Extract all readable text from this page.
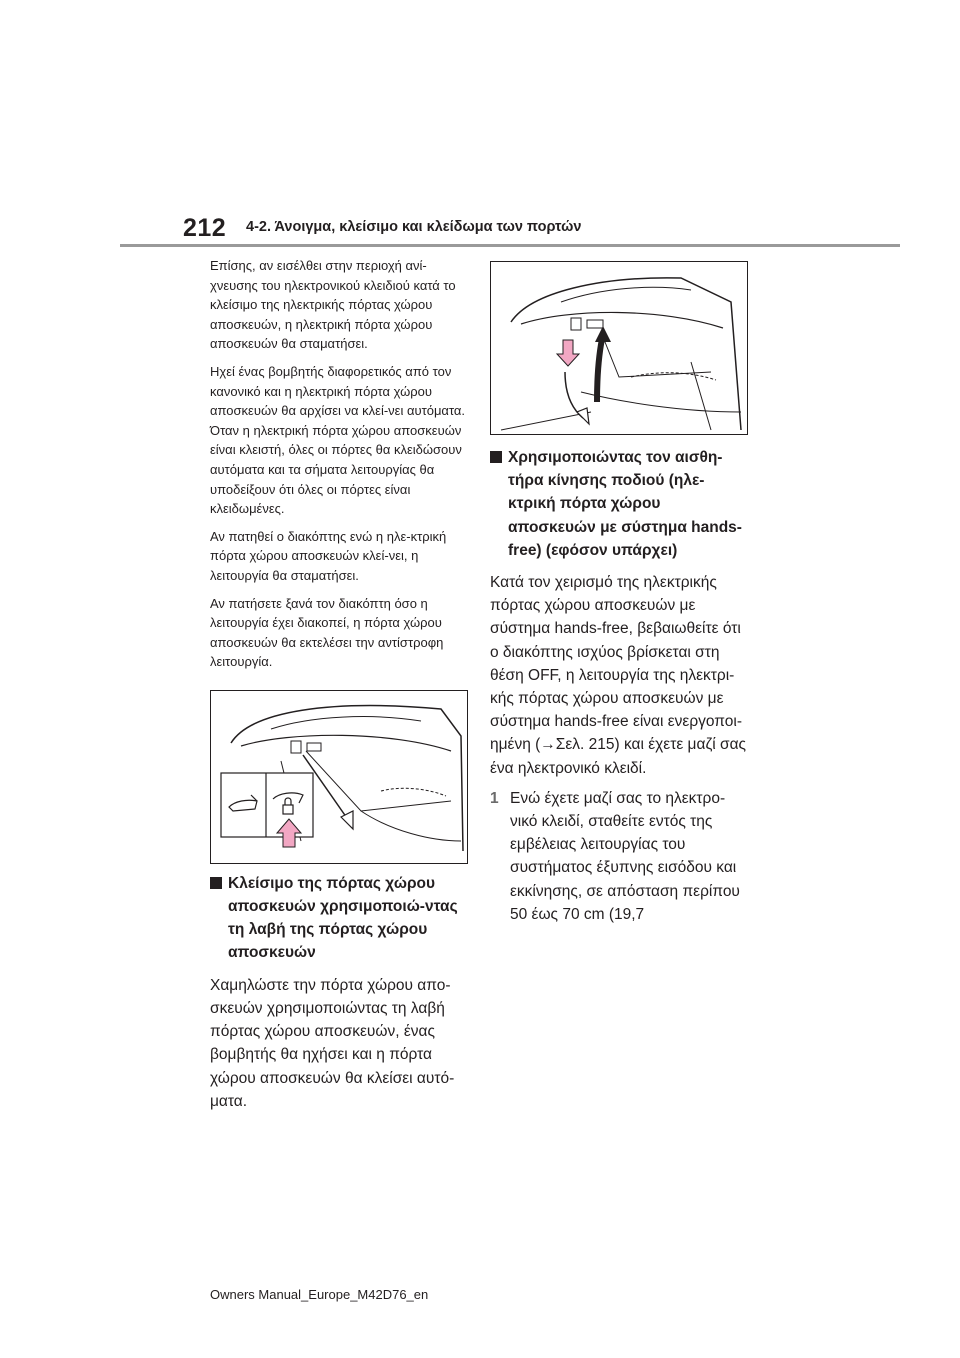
212 4-2. Άνοιγμα, κλείσιμο και κλείδωμα των πορτών

Επίσης, αν εισέλθει στην περιοχή ανί-χνευσης του ηλεκτρονικού κλειδιού κατά το κλείσιμο της ηλεκτρικής πόρτας χώρου αποσκευών, η ηλεκτρική πόρτα χώρου αποσκευών θα σταματήσει.

Ηχεί ένας βομβητής διαφορετικός από τον κανονικό και η ηλεκτρική πόρτα χώρου αποσκευών θα αρχίσει να κλεί-νει αυτόματα. Όταν η ηλεκτρική πόρτα χώρου αποσκευών είναι κλειστή, όλες οι πόρτες θα κλειδώσουν αυτόματα και τα σήματα λειτουργίας θα υποδείξουν ότι όλες οι πόρτες είναι κλειδωμένες.

Αν πατηθεί ο διακόπτης ενώ η ηλε-κτρική πόρτα χώρου αποσκευών κλεί-νει, η λειτουργία θα σταματήσει.

Αν πατήσετε ξανά τον διακόπτη όσο η λειτουργία έχει διακοπεί, η πόρτα χώρου αποσκευών θα εκτελέσει την αντίστροφη λειτουργία.

Κλείσιμο της πόρτας χώρου αποσκευών χρησιμοποιώ-ντας τη λαβή της πόρτας χώρου αποσκευών

Χαμηλώστε την πόρτα χώρου απο-σκευών χρησιμοποιώντας τη λαβή πόρτας χώρου αποσκευών, ένας βομβητής θα ηχήσει και η πόρτα χώρου αποσκευών θα κλείσει αυτό-ματα.

Χρησιμοποιώντας τον αισθη-τήρα κίνησης ποδιού (ηλε-κτρική πόρτα χώρου αποσκευών με σύστημα hands-free) (εφόσον υπάρχει)

Κατά τον χειρισμό της ηλεκτρικής πόρτας χώρου αποσκευών με σύστημα hands-free, βεβαιωθείτε ότι ο διακόπτης ισχύος βρίσκεται στη θέση OFF, η λειτουργία της ηλεκτρι-κής πόρτας χώρου αποσκευών με σύστημα hands-free είναι ενεργοποι-ημένη (→Σελ. 215) και έχετε μαζί σας ένα ηλεκτρονικό κλειδί.

1 Ενώ έχετε μαζί σας το ηλεκτρο-νικό κλειδί, σταθείτε εντός της εμβέλειας λειτουργίας του συστήματος έξυπνης εισόδου και εκκίνησης, σε απόσταση περίπου 50 έως 70 cm (19,7
Owners Manual_Europe_M42D76_en
